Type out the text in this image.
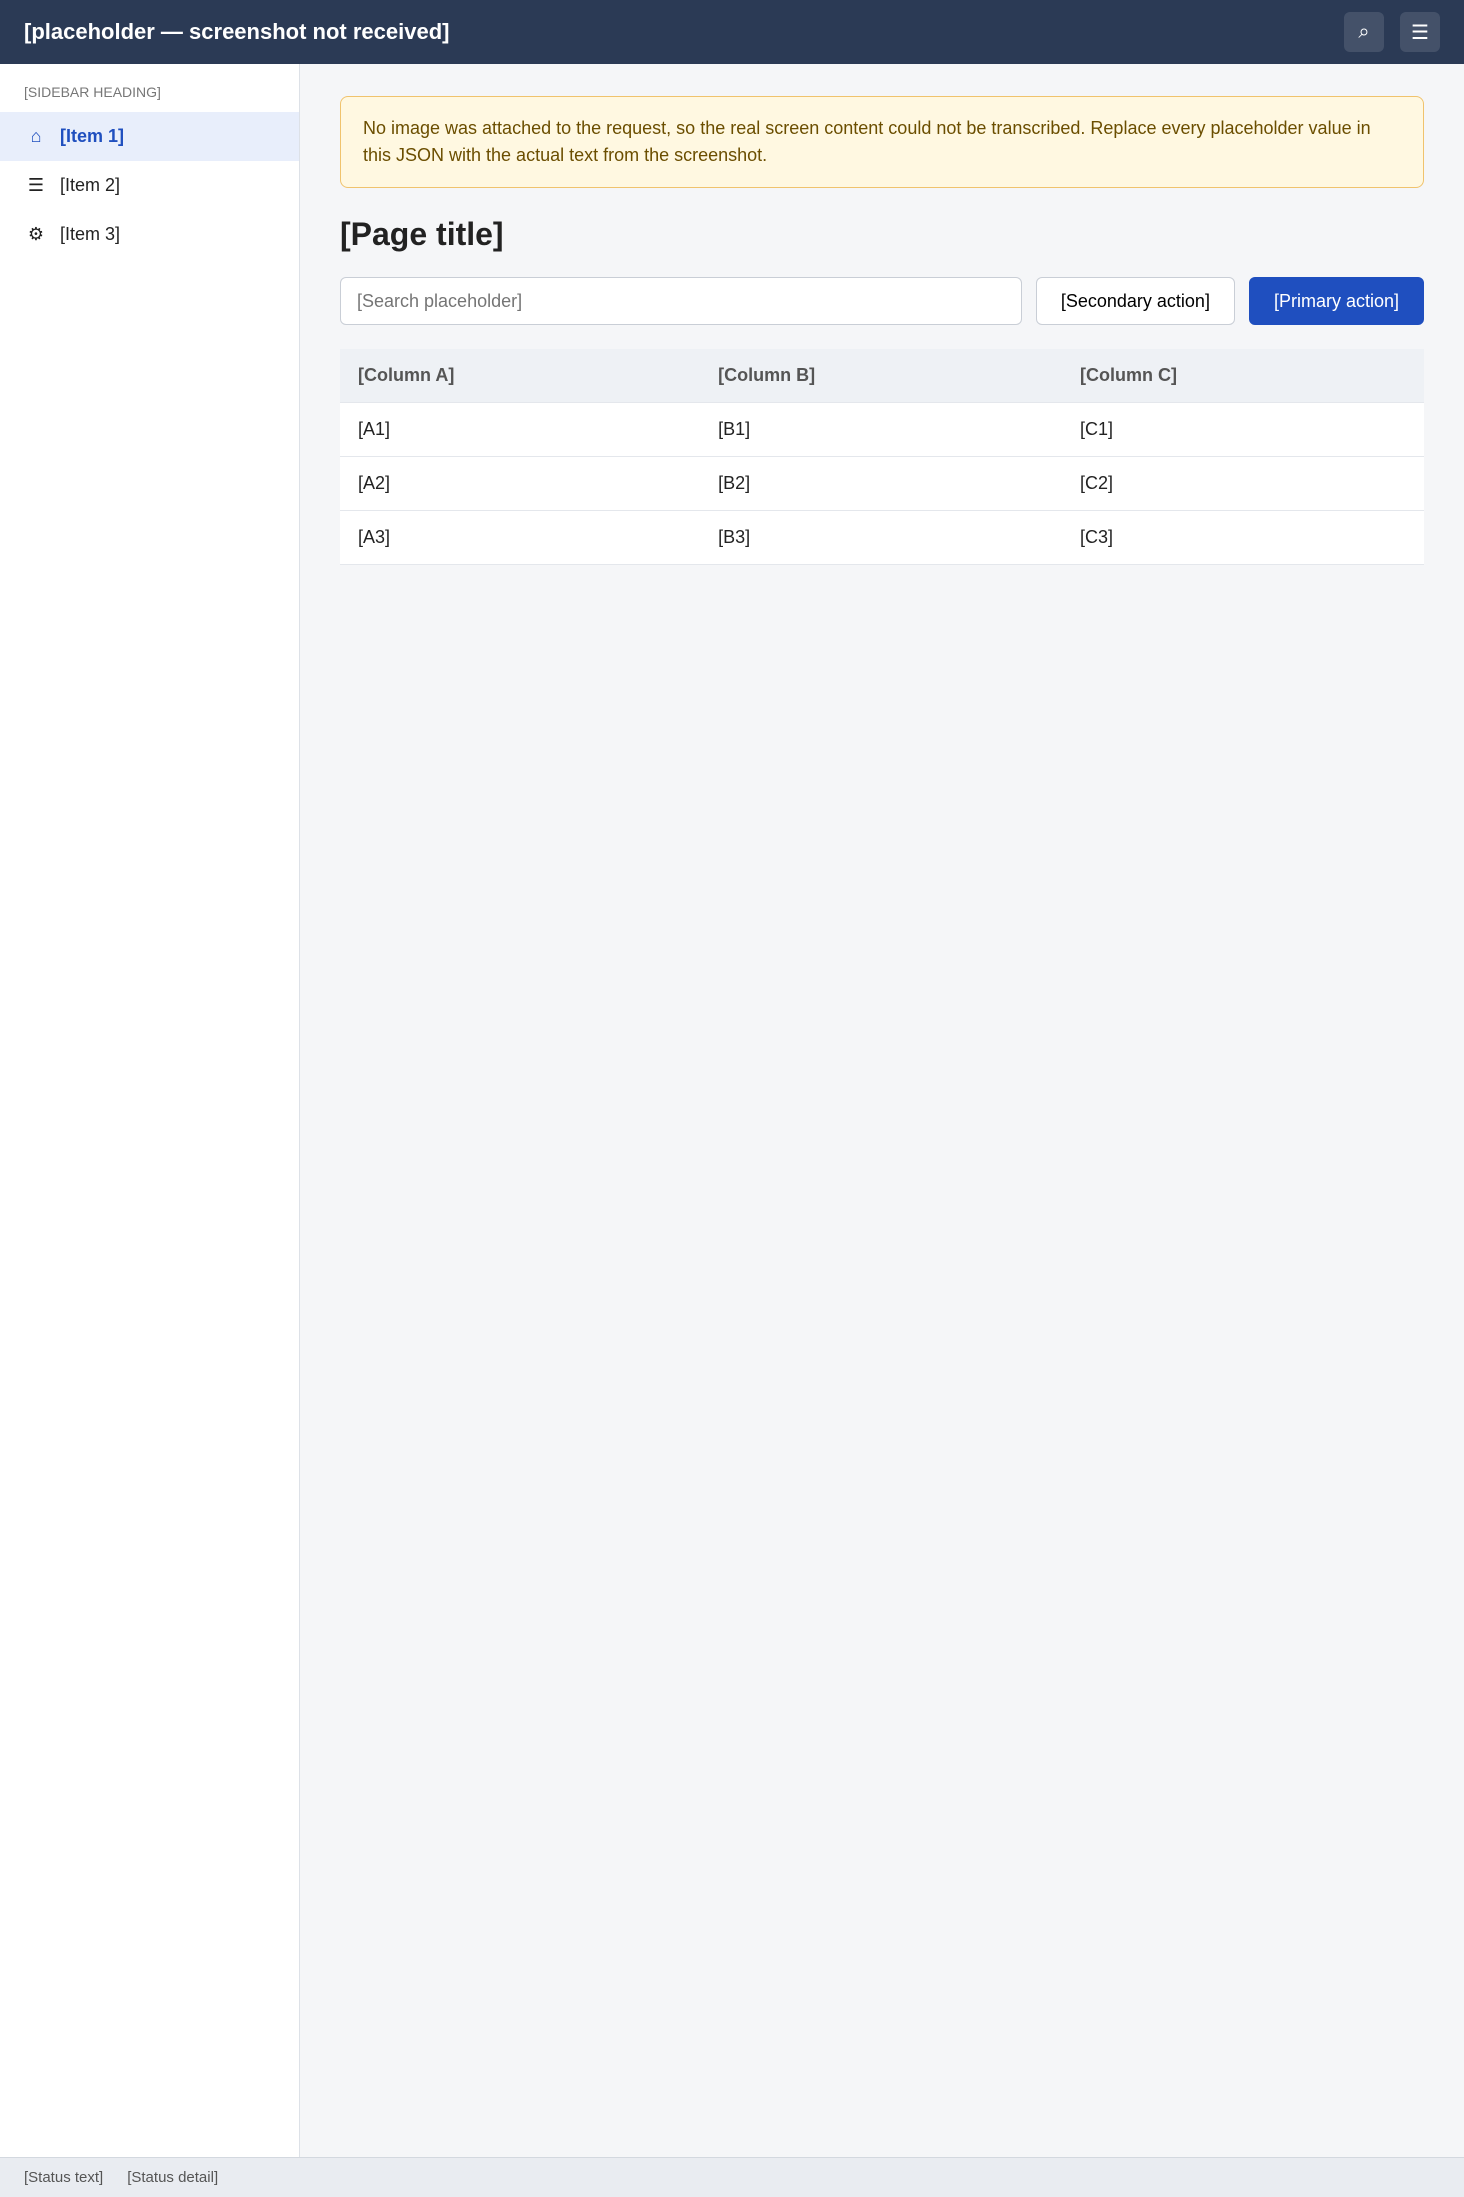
[placeholder — screenshot not received]	⌕	☰
[SIDEBAR HEADING]
⌂	[Item 1]
☰ [Item 2]
⚙ [Item 3]
No image was attached to the request, so the real screen content could not be transcribed. Replace every placeholder value in this JSON with the actual text from the screenshot.
[Page title]
[Search placeholder]
[Secondary action]	[Primary action]
[Column A]	[Column B]	[Column C]
[A1]	[B1]	[C1]
[A2]	[B2]	[C2]
[A3]	[B3]	[C3]
[Status text] [Status detail]
